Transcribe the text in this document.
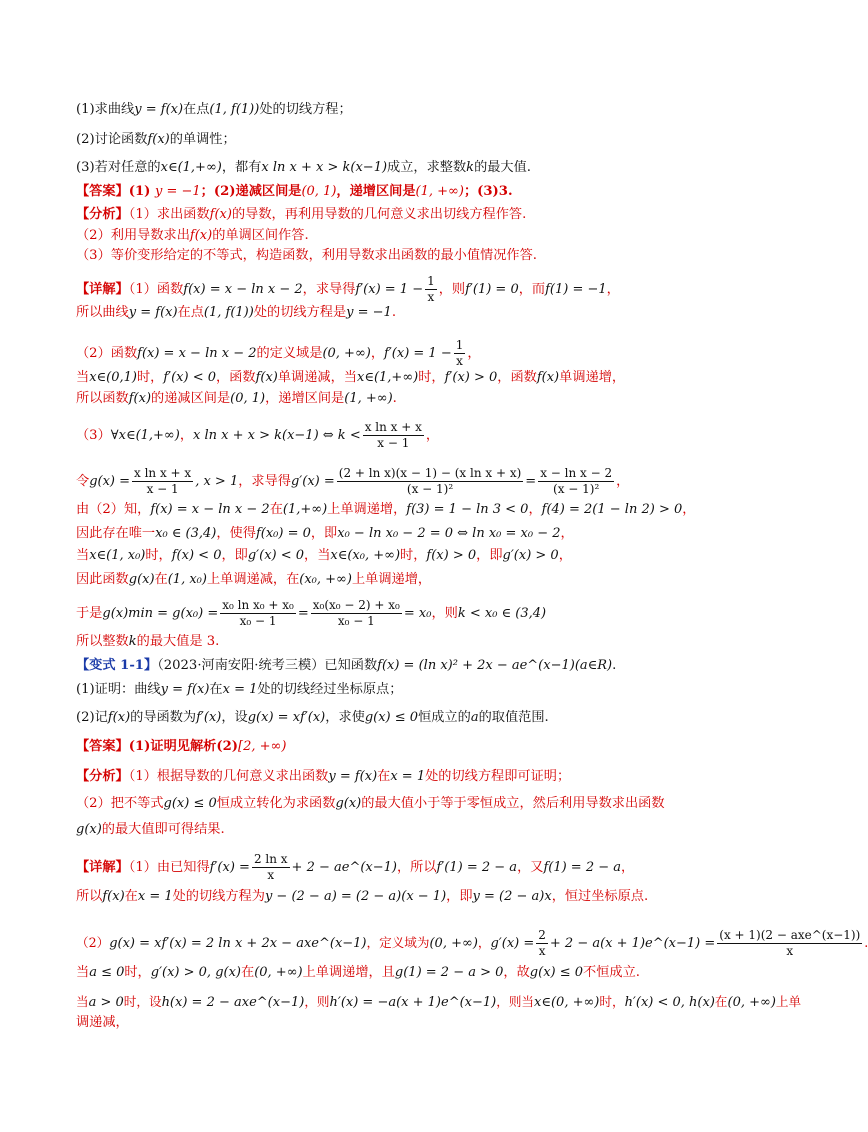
(1)求曲线y = f(x)在点(1, f(1))处的切线方程；
(2)讨论函数f(x)的单调性；
(3)若对任意的x∈(1,+∞)，都有x ln x + x > k(x−1)成立，求整数k的最大值.
【答案】(1) y = −1；(2)递减区间是(0, 1)，递增区间是(1, +∞)；(3)3.
【分析】（1）求出函数f(x)的导数，再利用导数的几何意义求出切线方程作答.
（2）利用导数求出f(x)的单调区间作答.
（3）等价变形给定的不等式，构造函数，利用导数求出函数的最小值情况作答.
【详解】（1）函数f(x) = x − ln x − 2，求导得$f'(x) = 1 - \frac{1}{x}$ ，则f′(1) = 0，而f(1) = −1，
所以曲线y = f(x)在点(1, f(1))处的切线方程是y = −1.
（2）函数f(x) = x − ln x − 2的定义域是(0, +∞)，$f'(x) = 1 - \frac{1}{x}$ ，
当x∈(0,1)时，f′(x) < 0，函数f(x)单调递减，当x∈(1,+∞)时，f′(x) > 0，函数f(x)单调递增，
所以函数f(x)的递减区间是(0, 1)，递增区间是(1, +∞).
（3）∀x∈(1,+∞)，x ln x + x > k(x−1) ⇔ $k < \frac{\text{x ln x + x}}{x - 1}$ ，
令$g(x) = \frac{\text{x ln x + x}}{x - 1}$ , x > 1，求导得$g'(x) = \frac{\text{(2 + ln x)(x − 1) − (x ln x + x)}}{\text{(x − 1)²}} = \frac{\text{x − ln x − 2}}{\text{(x − 1)²}}$ ，
由（2）知，f(x) = x − ln x − 2在(1,+∞)上单调递增，f(3) = 1 − ln 3 < 0，f(4) = 2(1 − ln 2) > 0，
因此存在唯一x₀ ∈ (3,4)，使得f(x₀) = 0，即x₀ − ln x₀ − 2 = 0 ⇔ ln x₀ = x₀ − 2，
当x∈(1, x₀)时，f(x) < 0，即g′(x) < 0，当x∈(x₀, +∞)时，f(x) > 0，即g′(x) > 0，
因此函数g(x)在(1, x₀)上单调递减，在(x₀, +∞)上单调递增，
于是$g(x)\min = g(x_0) = \frac{\text{x₀ ln x₀ + x₀}}{\text{x₀ − 1}} = \frac{\text{x₀(x₀ − 2) + x₀}}{\text{x₀ − 1}} = x_0$，则k < x₀ ∈ (3,4)
所以整数k的最大值是 3.
【变式 1-1】（2023·河南安阳·统考三模）已知函数f(x) = (ln x)² + 2x − ae^(x−1)(a∈R).
(1)证明：曲线y = f(x)在x = 1处的切线经过坐标原点；
(2)记f(x)的导函数为f′(x)，设g(x) = xf′(x)，求使g(x) ≤ 0恒成立的a的取值范围.
【答案】(1)证明见解析(2)[2, +∞)
【分析】（1）根据导数的几何意义求出函数y = f(x)在x = 1处的切线方程即可证明；
（2）把不等式g(x) ≤ 0恒成立转化为求函数g(x)的最大值小于等于零恒成立，然后利用导数求出函数
g(x)的最大值即可得结果.
【详解】（1）由已知得$f'(x) = \frac{\text{2 ln x}}{x} + 2$ − ae^(x−1)，所以f′(1) = 2 − a，又f(1) = 2 − a，
所以f(x)在x = 1处的切线方程为y − (2 − a) = (2 − a)(x − 1)，即y = (2 − a)x，恒过坐标原点.
（2）g(x) = xf′(x) = 2 ln x + 2x − axe^(x−1)，定义域为(0, +∞)，$g'(x) = \frac{2}{x} + 2 - a(x$ + 1)e^(x−1) = $\frac{\text{(x + 1)(2 − axe\textasciicircum{}(x−1))}}{x}$ .
当a ≤ 0时，g′(x) > 0, g(x)在(0, +∞)上单调递增，且g(1) = 2 − a > 0，故g(x) ≤ 0不恒成立.
当a > 0时，设h(x) = 2 − axe^(x−1)，则h′(x) = −a(x + 1)e^(x−1)，则当x∈(0, +∞)时，h′(x) < 0, h(x)在(0, +∞)上单
调递减，
